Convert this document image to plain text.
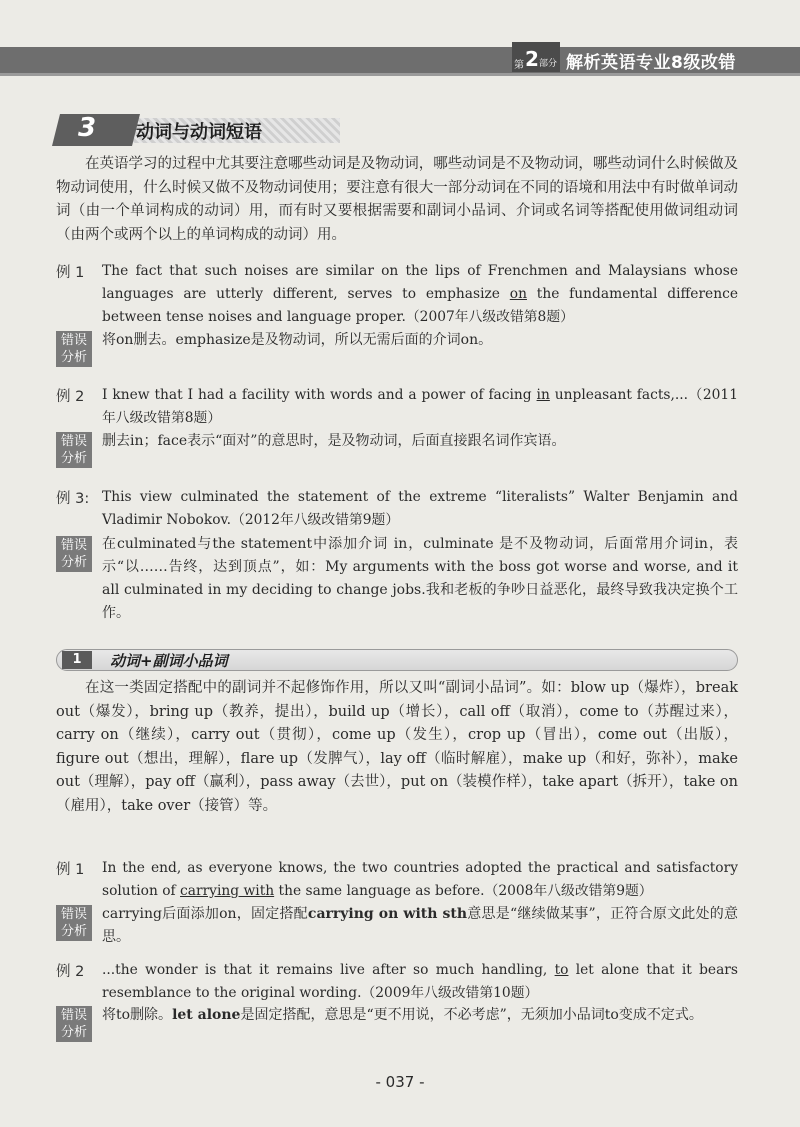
第 2 部分 解析英语专业8级改错
3 动词与动词短语
在英语学习的过程中尤其要注意哪些动词是及物动词，哪些动词是不及物动词，哪些动词什么时候做及物动词使用，什么时候又做不及物动词使用；要注意有很大一部分动词在不同的语境和用法中有时做单词动词（由一个单词构成的动词）用，而有时又要根据需要和副词小品词、介词或名词等搭配使用做词组动词（由两个或两个以上的单词构成的动词）用。
例 1 The fact that such noises are similar on the lips of Frenchmen and Malaysians whose languages are utterly different, serves to emphasize on the fundamental difference between tense noises and language proper.（2007年八级改错第8题）
错误
分析
将on删去。emphasize是及物动词，所以无需后面的介词on。
例 2 I knew that I had a facility with words and a power of facing in unpleasant facts,...（2011年八级改错第8题）
错误
分析
删去in；face表示“面对”的意思时，是及物动词，后面直接跟名词作宾语。
例 3: This view culminated the statement of the extreme “literalists” Walter Benjamin and Vladimir Nobokov.（2012年八级改错第9题）
错误
分析
在culminated与the statement中添加介词 in，culminate 是不及物动词，后面常用介词in，表示“以……告终，达到顶点”，如：My arguments with the boss got worse and worse, and it all culminated in my deciding to change jobs.我和老板的争吵日益恶化，最终导致我决定换个工作。
1	动词+副词小品词
在这一类固定搭配中的副词并不起修饰作用，所以又叫“副词小品词”。如：blow up（爆炸），break out（爆发），bring up（教养，提出），build up（增长），call off（取消），come to（苏醒过来），carry on（继续），carry out（贯彻），come up（发生），crop up（冒出），come out（出版），figure out（想出，理解），flare up（发脾气），lay off（临时解雇），make up（和好，弥补），make out（理解），pay off（赢利），pass away（去世），put on（装模作样），take apart（拆开），take on（雇用），take over（接管）等。
例 1 In the end, as everyone knows, the two countries adopted the practical and satisfactory solution of carrying with the same language as before.（2008年八级改错第9题）
错误
分析
carrying后面添加on，固定搭配carrying on with sth意思是“继续做某事”，正符合原文此处的意思。
例 2 ...the wonder is that it remains live after so much handling, to let alone that it bears resemblance to the original wording.（2009年八级改错第10题）
错误
分析
将to删除。let alone是固定搭配，意思是“更不用说，不必考虑”，无须加小品词to变成不定式。
- 037 -
